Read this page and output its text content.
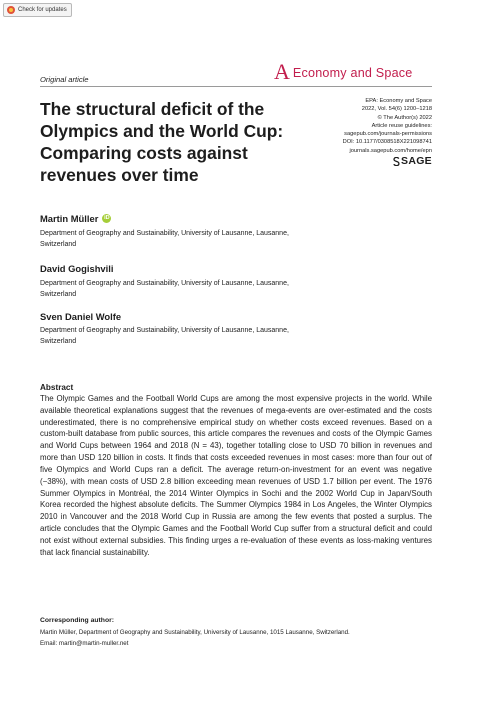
Check for updates
Original article	A Economy and Space
The structural deficit of the Olympics and the World Cup: Comparing costs against revenues over time
EPA: Economy and Space
2022, Vol. 54(6) 1200–1218
© The Author(s) 2022
Article reuse guidelines:
sagepub.com/journals-permissions
DOI: 10.1177/0308518X221098741
journals.sagepub.com/home/epn
SAGE
Martin Müller	iD
Department of Geography and Sustainability, University of Lausanne, Lausanne, Switzerland
David Gogishvili
Department of Geography and Sustainability, University of Lausanne, Lausanne, Switzerland
Sven Daniel Wolfe
Department of Geography and Sustainability, University of Lausanne, Lausanne, Switzerland
Abstract

The Olympic Games and the Football World Cups are among the most expensive projects in the world. While available theoretical explanations suggest that the revenues of mega-events are over-estimated and the costs underestimated, there is no comprehensive empirical study on whether costs exceed revenues. Based on a custom-built database from public sources, this article compares the revenues and costs of the Olympic Games and World Cups between 1964 and 2018 (N = 43), together totalling close to USD 70 billion in revenues and more than USD 120 billion in costs. It finds that costs exceeded revenues in most cases: more than four out of five Olympics and World Cups ran a deficit. The average return-on-investment for an event was negative (−38%), with mean costs of USD 2.8 billion exceeding mean revenues of USD 1.7 billion per event. The 1976 Summer Olympics in Montréal, the 2014 Winter Olympics in Sochi and the 2002 World Cup in Japan/South Korea recorded the highest absolute deficits. The Summer Olympics 1984 in Los Angeles, the Winter Olympics 2010 in Vancouver and the 2018 World Cup in Russia are among the few events that posted a surplus. The article concludes that the Olympic Games and the Football World Cup suffer from a structural deficit and could not exist without external subsidies. This finding urges a re-evaluation of these events as loss-making ventures that lack financial sustainability.

Corresponding author:
Martin Müller, Department of Geography and Sustainability, University of Lausanne, 1015 Lausanne, Switzerland.
Email: martin@martin-muller.net
